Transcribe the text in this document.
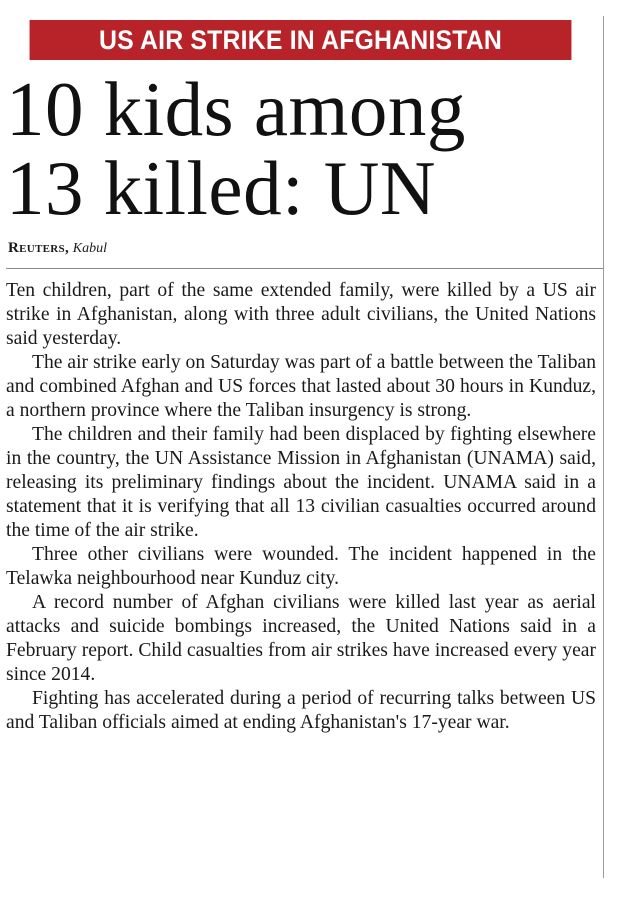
US AIR STRIKE IN AFGHANISTAN
10 kids among
13 killed: UN
Reuters, Kabul

Ten children, part of the same extended family, were killed by a US air strike in Afghanistan, along with three adult civilians, the United Nations said yesterday.

The air strike early on Saturday was part of a battle between the Taliban and combined Afghan and US forces that lasted about 30 hours in Kunduz, a northern province where the Taliban insurgency is strong.

The children and their family had been displaced by fighting elsewhere in the country, the UN Assistance Mission in Afghanistan (UNAMA) said, releasing its preliminary findings about the incident. UNAMA said in a statement that it is verifying that all 13 civilian casualties occurred around the time of the air strike.

Three other civilians were wounded. The incident happened in the Telawka neighbourhood near Kunduz city.

A record number of Afghan civilians were killed last year as aerial attacks and suicide bombings increased, the United Nations said in a February report. Child casualties from air strikes have increased every year since 2014.

Fighting has accelerated during a period of recurring talks between US and Taliban officials aimed at ending Afghanistan's 17-year war.
